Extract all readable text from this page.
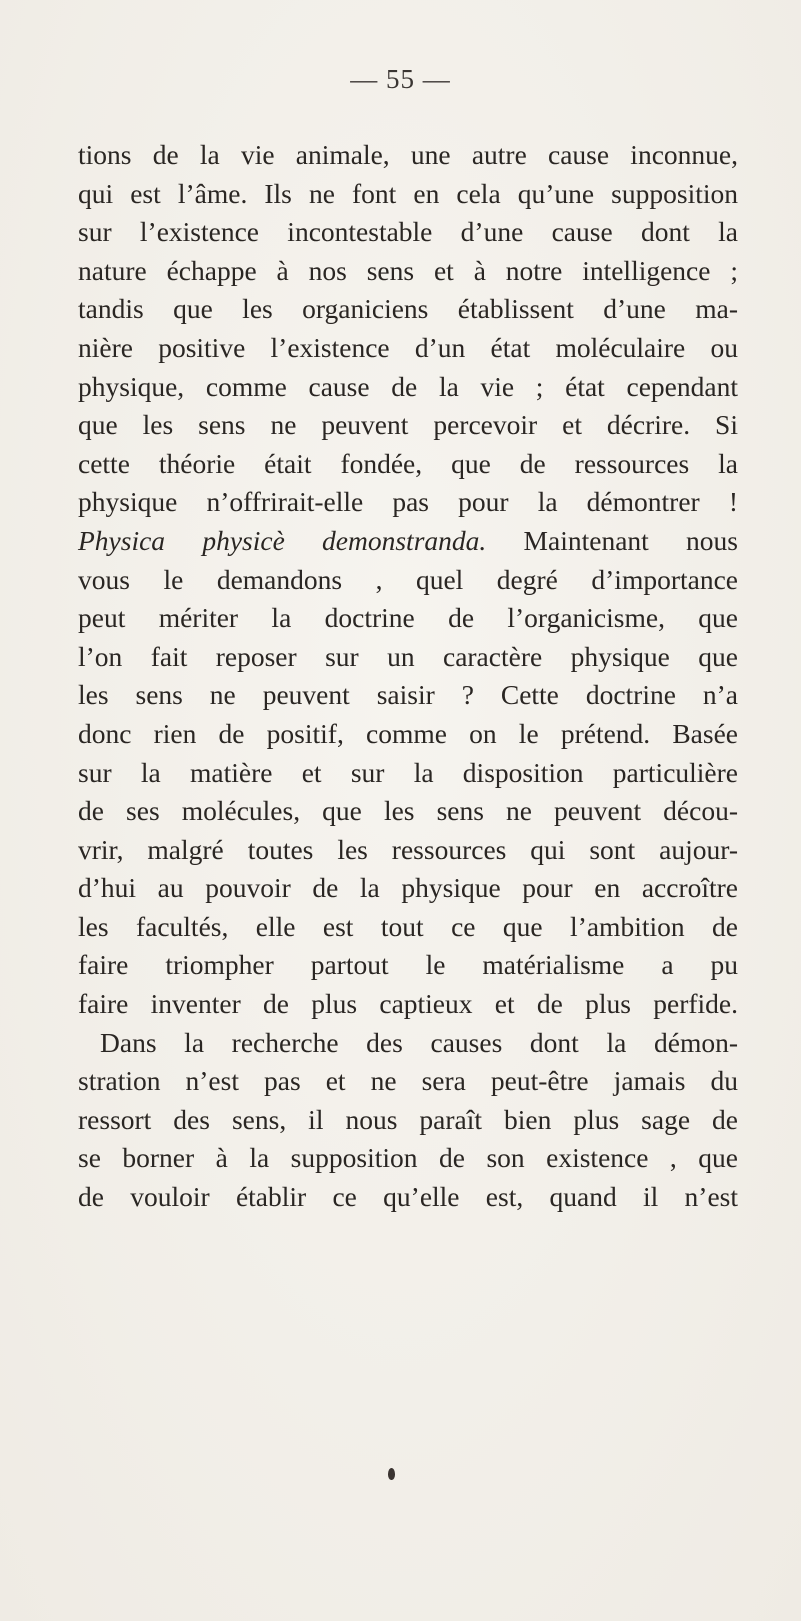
— 55 —
tions de la vie animale, une autre cause inconnue,
qui est l’âme. Ils ne font en cela qu’une supposition
sur l’existence incontestable d’une cause dont la
nature échappe à nos sens et à notre intelligence ;
tandis que les organiciens établissent d’une ma-
nière positive l’existence d’un état moléculaire ou
physique, comme cause de la vie ; état cependant
que les sens ne peuvent percevoir et décrire. Si
cette théorie était fondée, que de ressources la
physique n’offrirait-elle pas pour la démontrer !
Physica physicè demonstranda. Maintenant nous
vous le demandons , quel degré d’importance
peut mériter la doctrine de l’organicisme, que
l’on fait reposer sur un caractère physique que
les sens ne peuvent saisir ? Cette doctrine n’a
donc rien de positif, comme on le prétend. Basée
sur la matière et sur la disposition particulière
de ses molécules, que les sens ne peuvent décou-
vrir, malgré toutes les ressources qui sont aujour-
d’hui au pouvoir de la physique pour en accroître
les facultés, elle est tout ce que l’ambition de
faire triompher partout le matérialisme a pu
faire inventer de plus captieux et de plus perfide.
Dans la recherche des causes dont la démon-
stration n’est pas et ne sera peut-être jamais du
ressort des sens, il nous paraît bien plus sage de
se borner à la supposition de son existence , que
de vouloir établir ce qu’elle est, quand il n’est
